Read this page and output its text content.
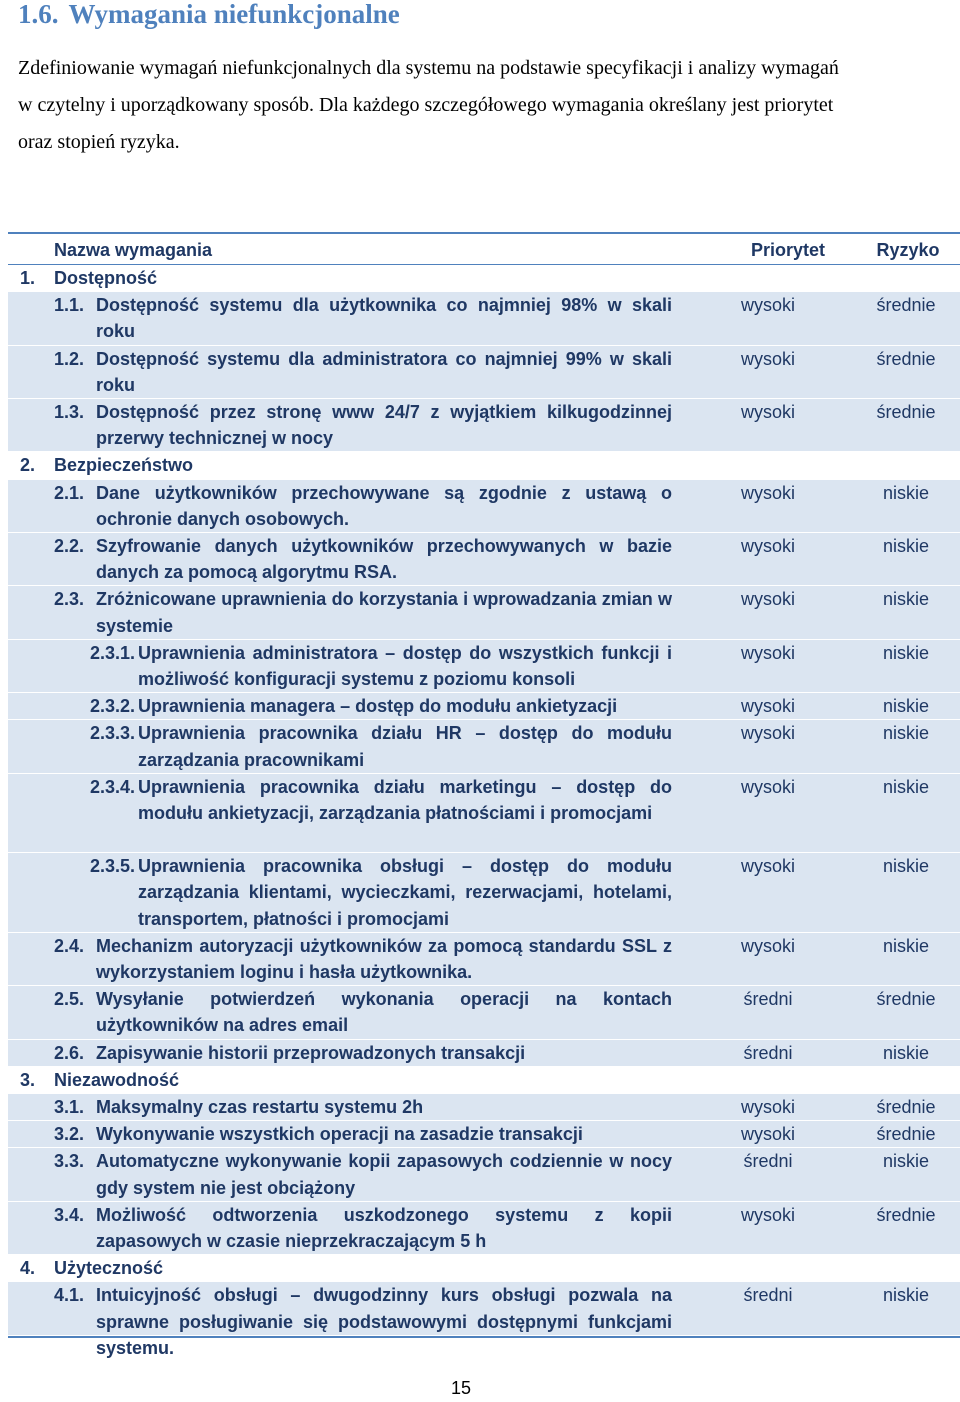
1.6. Wymagania niefunkcjonalne

Zdefiniowanie wymagań niefunkcjonalnych dla systemu na podstawie specyfikacji i analizy wymagań
w czytelny i uporządkowany sposób. Dla każdego szczegółowego wymagania określany jest priorytet
oraz stopień ryzyka.

Nazwa wymagania	Priorytet	Ryzyko
1. Dostępność
1.1. Dostępność systemu dla użytkownika co najmniej 98% w skali roku
wysoki	średnie
1.2. Dostępność systemu dla administratora co najmniej 99% w skali roku
wysoki	średnie
1.3. Dostępność przez stronę www 24/7 z wyjątkiem kilkugodzinnej przerwy technicznej w nocy
wysoki	średnie
2. Bezpieczeństwo
2.1. Dane użytkowników przechowywane są zgodnie z ustawą o ochronie danych osobowych.
wysoki	niskie
2.2. Szyfrowanie danych użytkowników przechowywanych w bazie danych za pomocą algorytmu RSA.
wysoki	niskie
2.3. Zróżnicowane uprawnienia do korzystania i wprowadzania zmian w systemie
wysoki	niskie
2.3.1. Uprawnienia administratora – dostęp do wszystkich funkcji i możliwość konfiguracji systemu z poziomu konsoli
wysoki	niskie
2.3.2. Uprawnienia managera – dostęp do modułu ankietyzacji	wysoki	niskie
2.3.3. Uprawnienia pracownika działu HR – dostęp do modułu zarządzania pracownikami
wysoki	niskie
2.3.4. Uprawnienia pracownika działu marketingu – dostęp do modułu ankietyzacji, zarządzania płatnościami i promocjami
wysoki	niskie
2.3.5. Uprawnienia pracownika obsługi – dostęp do modułu zarządzania klientami, wycieczkami, rezerwacjami, hotelami, transportem, płatności i promocjami
wysoki	niskie
2.4. Mechanizm autoryzacji użytkowników za pomocą standardu SSL z wykorzystaniem loginu i hasła użytkownika.
wysoki	niskie
2.5. Wysyłanie potwierdzeń wykonania operacji na kontach użytkowników na adres email
średni	średnie
2.6. Zapisywanie historii przeprowadzonych transakcji	średni	niskie
3. Niezawodność
3.1. Maksymalny czas restartu systemu 2h	wysoki	średnie
3.2. Wykonywanie wszystkich operacji na zasadzie transakcji	wysoki	średnie
3.3. Automatyczne wykonywanie kopii zapasowych codziennie w nocy gdy system nie jest obciążony
średni	niskie
3.4. Możliwość odtworzenia uszkodzonego systemu z kopii zapasowych w czasie nieprzekraczającym 5 h
wysoki	średnie
4. Użyteczność
4.1. Intuicyjność obsługi – dwugodzinny kurs obsługi pozwala na sprawne posługiwanie się podstawowymi dostępnymi funkcjami systemu.
średni	niskie
15
